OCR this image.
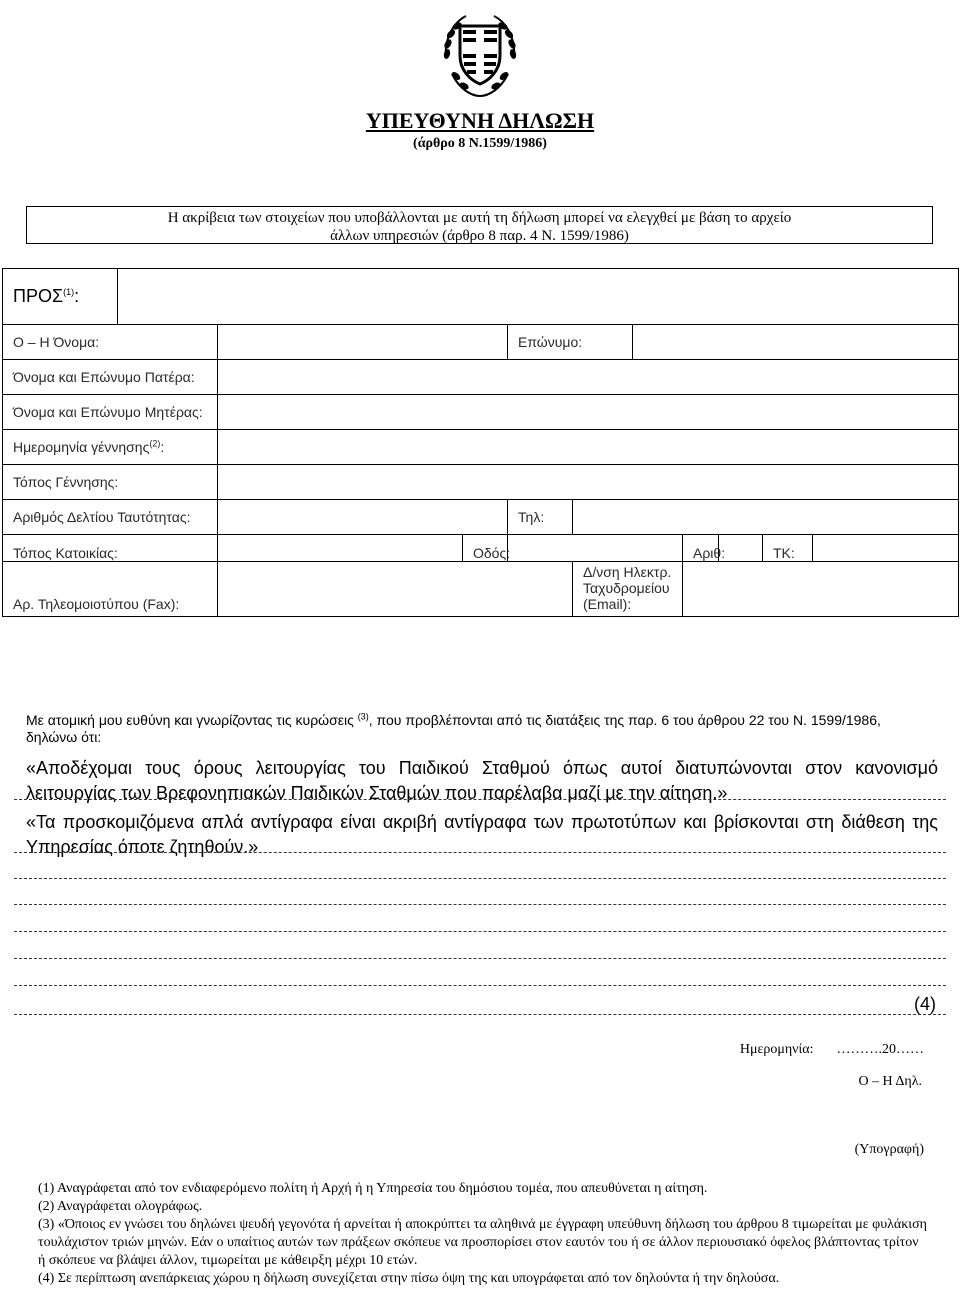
ΥΠΕΥΘΥΝΗ ΔΗΛΩΣΗ
(άρθρο 8 Ν.1599/1986)
Η ακρίβεια των στοιχείων που υποβάλλονται με αυτή τη δήλωση μπορεί να ελεγχθεί με βάση το αρχείο
άλλων υπηρεσιών (άρθρο 8 παρ. 4 Ν. 1599/1986)
ΠΡΟΣ$^{(1)}$:										
Ο – Η Όνομα:				Επώνυμο:						
Όνομα και Επώνυμο Πατέρα:										
Όνομα και Επώνυμο Μητέρας:										
Ημερομηνία γέννησης$^{(2)}$:										
Τόπος Γέννησης:										
Αριθμός Δελτίου Ταυτότητας:				Τηλ:						
Τόπος Κατοικίας:			Οδός:				Αριθ:		ΤΚ:	
Αρ. Τηλεομοιοτύπου (Fax):					Δ/νση Ηλεκτρ. Ταχυδρομείου (Email):					
Με ατομική μου ευθύνη και γνωρίζοντας τις κυρώσεις $^{(3)}$, που προβλέπονται από τις διατάξεις της παρ. 6 του άρθρου 22 του Ν. 1599/1986, δηλώνω ότι:

«Αποδέχομαι τους όρους λειτουργίας του Παιδικού Σταθμού όπως αυτοί διατυπώνονται στον κανονισμό λειτουργίας των Βρεφονηπιακών Παιδικών Σταθμών που παρέλαβα μαζί με την αίτηση.»

«Τα προσκομιζόμενα απλά αντίγραφα είναι ακριβή αντίγραφα των πρωτοτύπων και βρίσκονται στη διάθεση της Υπηρεσίας όποτε ζητηθούν.»

(4)
Ημερομηνία: ……….20……
Ο – Η Δηλ.
(Υπογραφή)
(1) Αναγράφεται από τον ενδιαφερόμενο πολίτη ή Αρχή ή η Υπηρεσία του δημόσιου τομέα, που απευθύνεται η αίτηση.
(2) Αναγράφεται ολογράφως.
(3) «Όποιος εν γνώσει του δηλώνει ψευδή γεγονότα ή αρνείται ή αποκρύπτει τα αληθινά με έγγραφη υπεύθυνη δήλωση του άρθρου 8 τιμωρείται με φυλάκιση τουλάχιστον τριών μηνών. Εάν ο υπαίτιος αυτών των πράξεων σκόπευε να προσπορίσει στον εαυτόν του ή σε άλλον περιουσιακό όφελος βλάπτοντας τρίτον ή σκόπευε να βλάψει άλλον, τιμωρείται με κάθειρξη μέχρι 10 ετών.
(4) Σε περίπτωση ανεπάρκειας χώρου η δήλωση συνεχίζεται στην πίσω όψη της και υπογράφεται από τον δηλούντα ή την δηλούσα.
